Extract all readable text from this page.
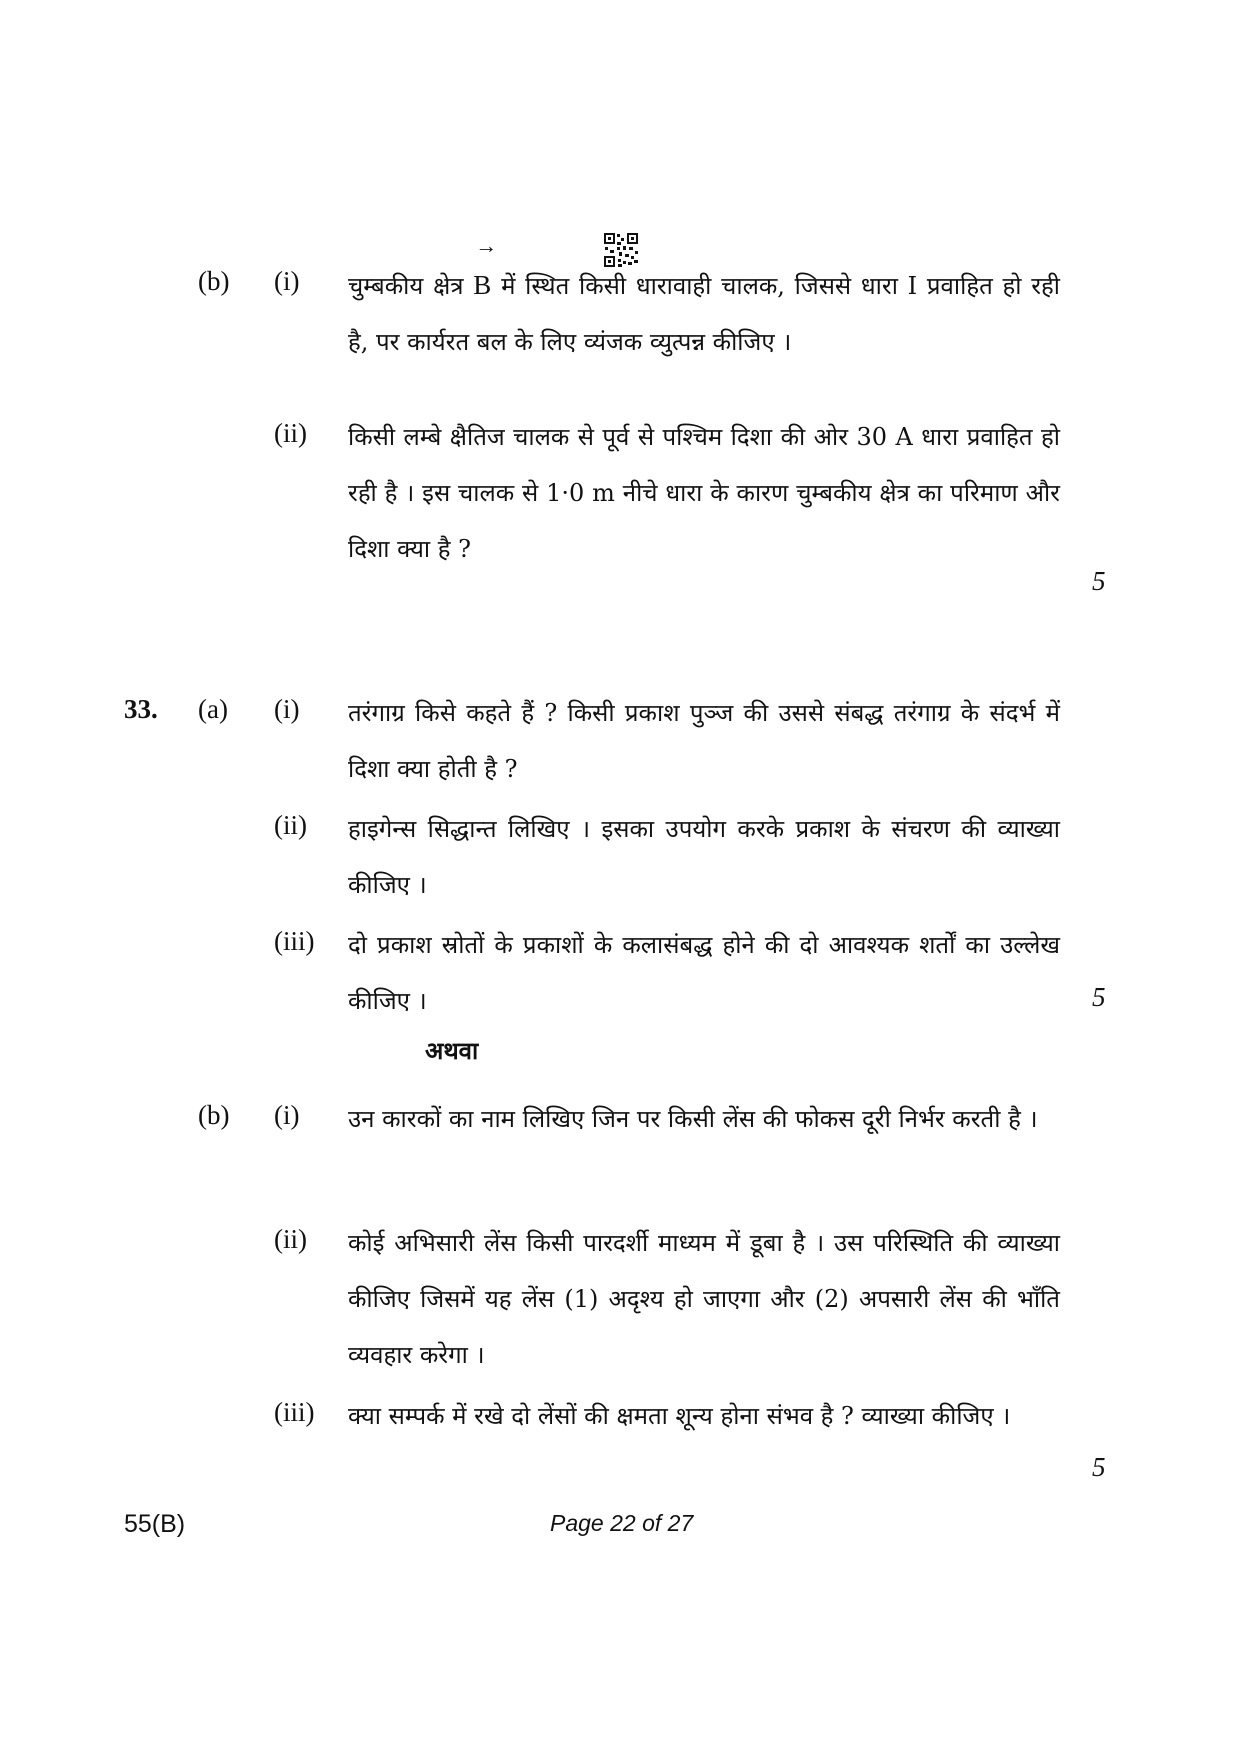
(b)	(i)	चुम्बकीय क्षेत्र
→
B में स्थित किसी धारावाही चालक, जिससे धारा I प्रवाहित हो रही है, पर कार्यरत बल के लिए व्यंजक व्युत्पन्न कीजिए ।
(ii)	किसी लम्बे क्षैतिज चालक से पूर्व से पश्चिम दिशा की ओर 30 A धारा प्रवाहित हो रही है । इस चालक से 1·0 m नीचे धारा के कारण चुम्बकीय क्षेत्र का परिमाण और दिशा क्या है ?
5
33.	(a)	(i)	तरंगाग्र किसे कहते हैं ? किसी प्रकाश पुञ्ज की उससे संबद्ध तरंगाग्र के संदर्भ में दिशा क्या होती है ?
(ii)	हाइगेन्स सिद्धान्त लिखिए । इसका उपयोग करके प्रकाश के संचरण की व्याख्या कीजिए ।
(iii)	दो प्रकाश स्रोतों के प्रकाशों के कलासंबद्ध होने की दो आवश्यक शर्तों का उल्लेख कीजिए ।	5
अथवा
(b)	(i)	उन कारकों का नाम लिखिए जिन पर किसी लेंस की फोकस दूरी निर्भर करती है ।
(ii)	कोई अभिसारी लेंस किसी पारदर्शी माध्यम में डूबा है । उस परिस्थिति की व्याख्या कीजिए जिसमें यह लेंस (1) अदृश्य हो जाएगा और (2) अपसारी लेंस की भाँति व्यवहार करेगा ।
(iii)	क्या सम्पर्क में रखे दो लेंसों की क्षमता शून्य होना संभव है ? व्याख्या कीजिए ।
5
55(B)	Page 22 of 27
